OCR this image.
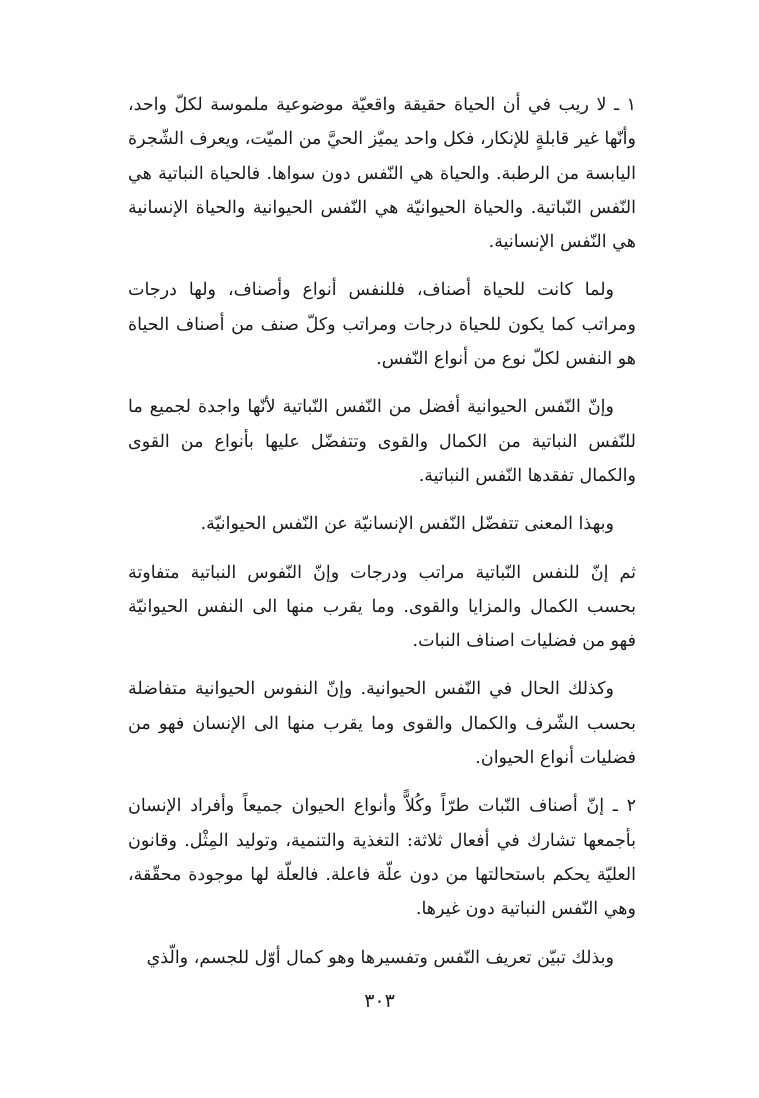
١ ـ لا ريب في أن الحياة حقيقة واقعيّة موضوعية ملموسة لكلّ واحد، وأنّها غير قابلةٍ للإنكار، فكل واحد يميّز الحيَّ من الميّت، ويعرف الشّجرة اليابسة من الرطبة. والحياة هي النّفس دون سواها. فالحياة النباتية هي النّفس النّباتية. والحياة الحيوانيّة هي النّفس الحيوانية والحياة الإنسانية هي النّفس الإنسانية.

ولما كانت للحياة أصناف، فللنفس أنواع وأصناف، ولها درجات ومراتب كما يكون للحياة درجات ومراتب وكلّ صنف من أصناف الحياة هو النفس لكلّ نوع من أنواع النّفس.

وإنّ النّفس الحيوانية أفضل من النّفس النّباتية لأنّها واجدة لجميع ما للنّفس النباتية من الكمال والقوى وتتفضّل عليها بأنواع من القوى والكمال تفقدها النّفس النباتية.

وبهذا المعنى تتفضّل النّفس الإنسانيّة عن النّفس الحيوانيّة.

ثم إنّ للنفس النّباتية مراتب ودرجات وإنّ النّفوس النباتية متفاوتة بحسب الكمال والمزايا والقوى. وما يقرب منها الى النفس الحيوانيّة فهو من فضليات اصناف النبات.

وكذلك الحال في النّفس الحيوانية. وإنّ النفوس الحيوانية متفاضلة بحسب الشّرف والكمال والقوى وما يقرب منها الى الإنسان فهو من فضليات أنواع الحيوان.

٢ ـ إنّ أصناف النّبات طرّاً وكُلاًّ وأنواع الحيوان جميعاً وأفراد الإنسان بأجمعها تشارك في أفعال ثلاثة: التغذية والتنمية، وتوليد المِثْل. وقانون العليّة يحكم باستحالتها من دون علّة فاعلة. فالعلّة لها موجودة محقّقة، وهي النّفس النباتية دون غيرها.

وبذلك تبيّن تعريف النّفس وتفسيرها وهو كمال أوّل للجسم، والّذي

٣٠٣
